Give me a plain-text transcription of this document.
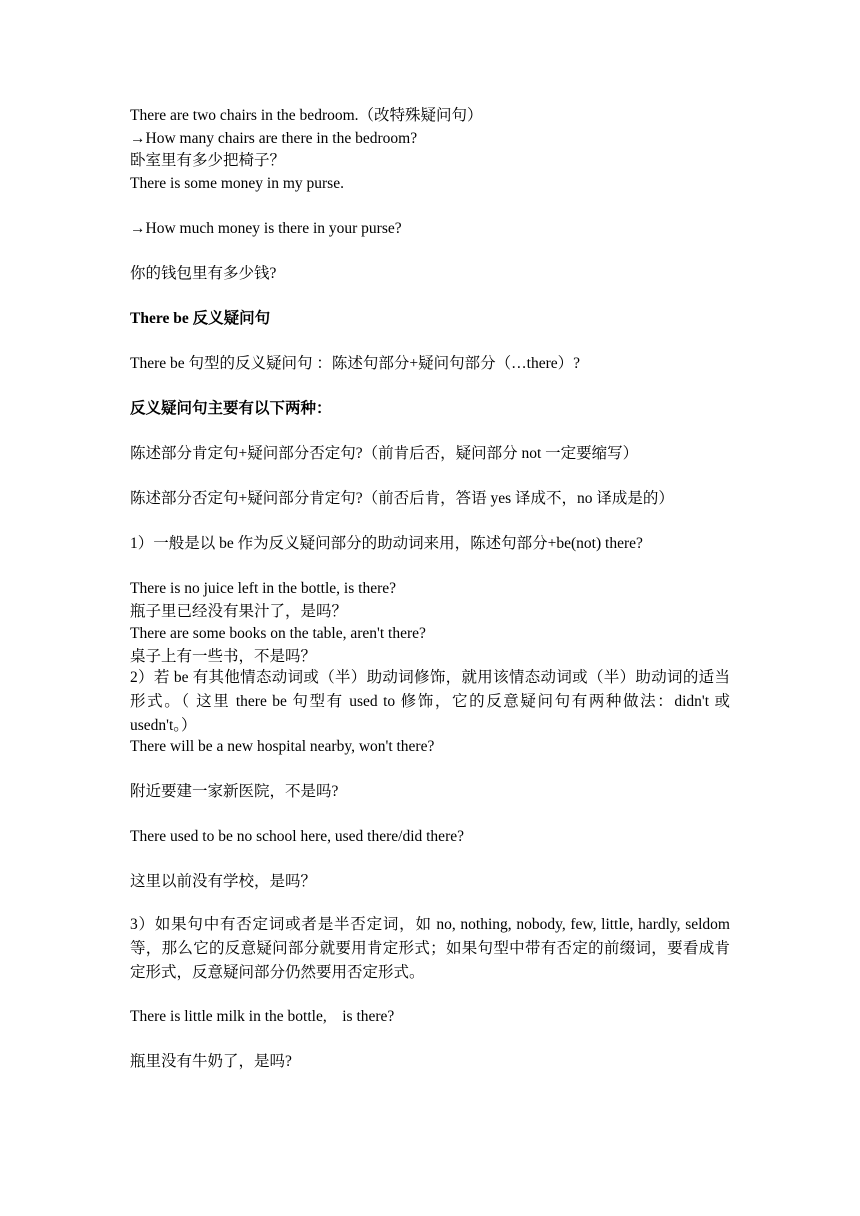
There are two chairs in the bedroom.（改特殊疑问句）

→How many chairs are there in the bedroom?

卧室里有多少把椅子？

There is some money in my purse.

→How much money is there in your purse?

你的钱包里有多少钱?

There be 反义疑问句

There be 句型的反义疑问句 ：陈述句部分+疑问句部分（…there）?

反义疑问句主要有以下两种：

陈述部分肯定句+疑问部分否定句?（前肯后否，疑问部分 not 一定要缩写）

陈述部分否定句+疑问部分肯定句?（前否后肯，答语 yes 译成不，no 译成是的）

1）一般是以 be 作为反义疑问部分的助动词来用，陈述句部分+be(not) there?

There is no juice left in the bottle, is there?

瓶子里已经没有果汁了，是吗？

There are some books on the table, aren't there?

桌子上有一些书，不是吗？

2）若 be 有其他情态动词或（半）助动词修饰，就用该情态动词或（半）助动词的适当形式。（ 这里 there be 句型有 used to 修饰，它的反意疑问句有两种做法：didn't 或 usedn't。）

There will be a new hospital nearby, won't there?

附近要建一家新医院，不是吗?

There used to be no school here, used there/did there?

这里以前没有学校，是吗？

3）如果句中有否定词或者是半否定词，如 no, nothing, nobody, few, little, hardly, seldom 等，那么它的反意疑问部分就要用肯定形式；如果句型中带有否定的前缀词，要看成肯定形式，反意疑问部分仍然要用否定形式。

There is little milk in the bottle,　is there?

瓶里没有牛奶了，是吗?
